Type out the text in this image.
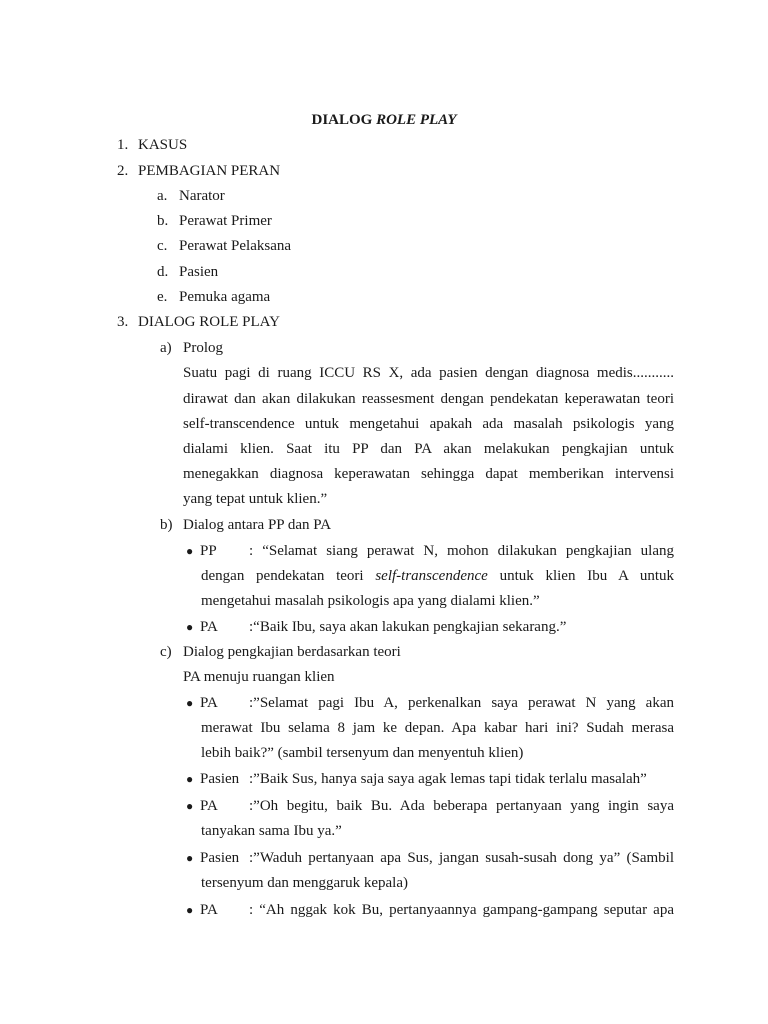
DIALOG ROLE PLAY
1. KASUS
2. PEMBAGIAN PERAN
a. Narator
b. Perawat Primer
c. Perawat Pelaksana
d. Pasien
e. Pemuka agama
3. DIALOG ROLE PLAY
a) Prolog
Suatu pagi di ruang ICCU RS X, ada pasien dengan diagnosa medis...........
dirawat dan akan dilakukan reassesment dengan pendekatan keperawatan teori
self-transcendence untuk mengetahui apakah ada masalah psikologis yang
dialami klien. Saat itu PP dan PA akan melakukan pengkajian untuk
menegakkan diagnosa keperawatan sehingga dapat memberikan intervensi
yang tepat untuk klien.”
b) Dialog antara PP dan PA
● PP : “Selamat siang perawat N, mohon dilakukan pengkajian ulang
dengan pendekatan teori self-transcendence untuk klien Ibu A untuk
mengetahui masalah psikologis apa yang dialami klien.”
● PA :“Baik Ibu, saya akan lakukan pengkajian sekarang.”
c) Dialog pengkajian berdasarkan teori
PA menuju ruangan klien
● PA :”Selamat pagi Ibu A, perkenalkan saya perawat N yang akan
merawat Ibu selama 8 jam ke depan. Apa kabar hari ini? Sudah merasa
lebih baik?” (sambil tersenyum dan menyentuh klien)
● Pasien :”Baik Sus, hanya saja saya agak lemas tapi tidak terlalu masalah”
● PA :”Oh begitu, baik Bu. Ada beberapa pertanyaan yang ingin saya
tanyakan sama Ibu ya.”
● Pasien :”Waduh pertanyaan apa Sus, jangan susah-susah dong ya” (Sambil
tersenyum dan menggaruk kepala)
● PA : “Ah nggak kok Bu, pertanyaannya gampang-gampang seputar apa
